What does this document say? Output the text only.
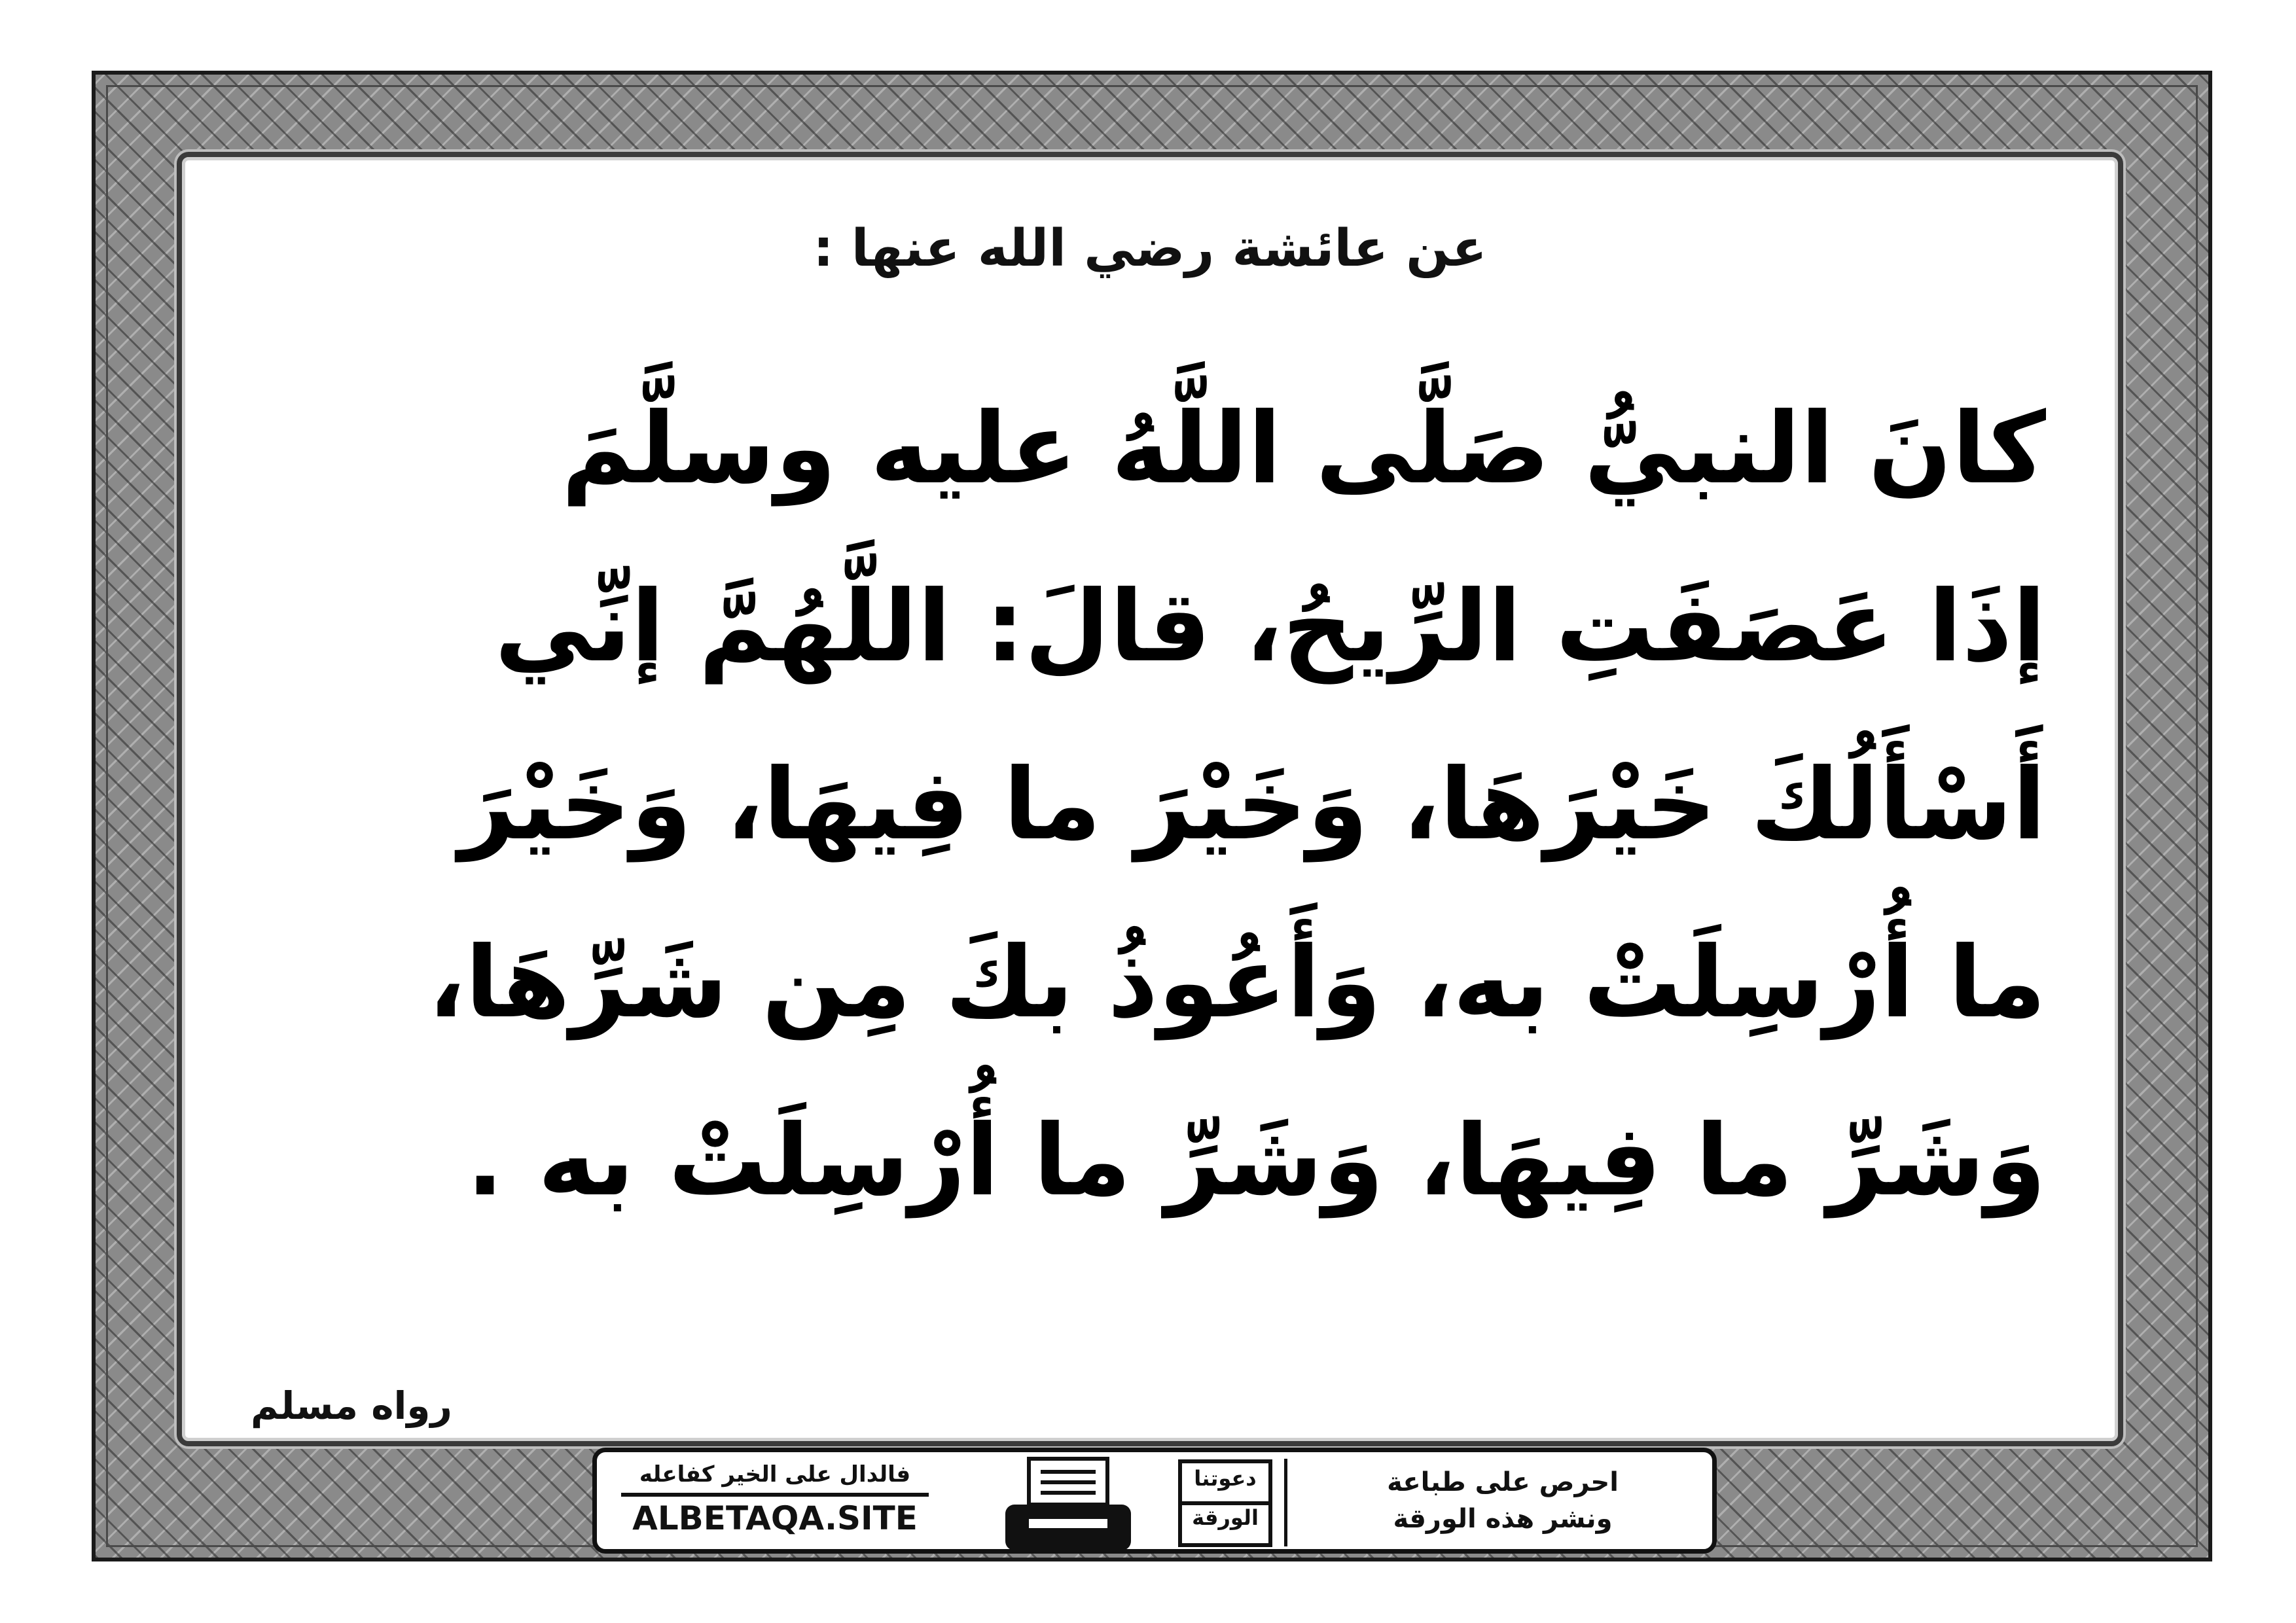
عن عائشة رضي الله عنها :
كانَ النبيُّ صَلَّى اللَّهُ عليه وسلَّمَ
إذَا عَصَفَتِ الرِّيحُ، قالَ: اللَّهُمَّ إنِّي
أَسْأَلُكَ خَيْرَهَا، وَخَيْرَ ما فِيهَا، وَخَيْرَ
ما أُرْسِلَتْ به، وَأَعُوذُ بكَ مِن شَرِّهَا،
وَشَرِّ ما فِيهَا، وَشَرِّ ما أُرْسِلَتْ به .
رواه مسلم
فالدال على الخير كفاعله
ALBETAQA.SITE
دعوتنا
الورقة
احرص على طباعة
ونشر هذه الورقة
